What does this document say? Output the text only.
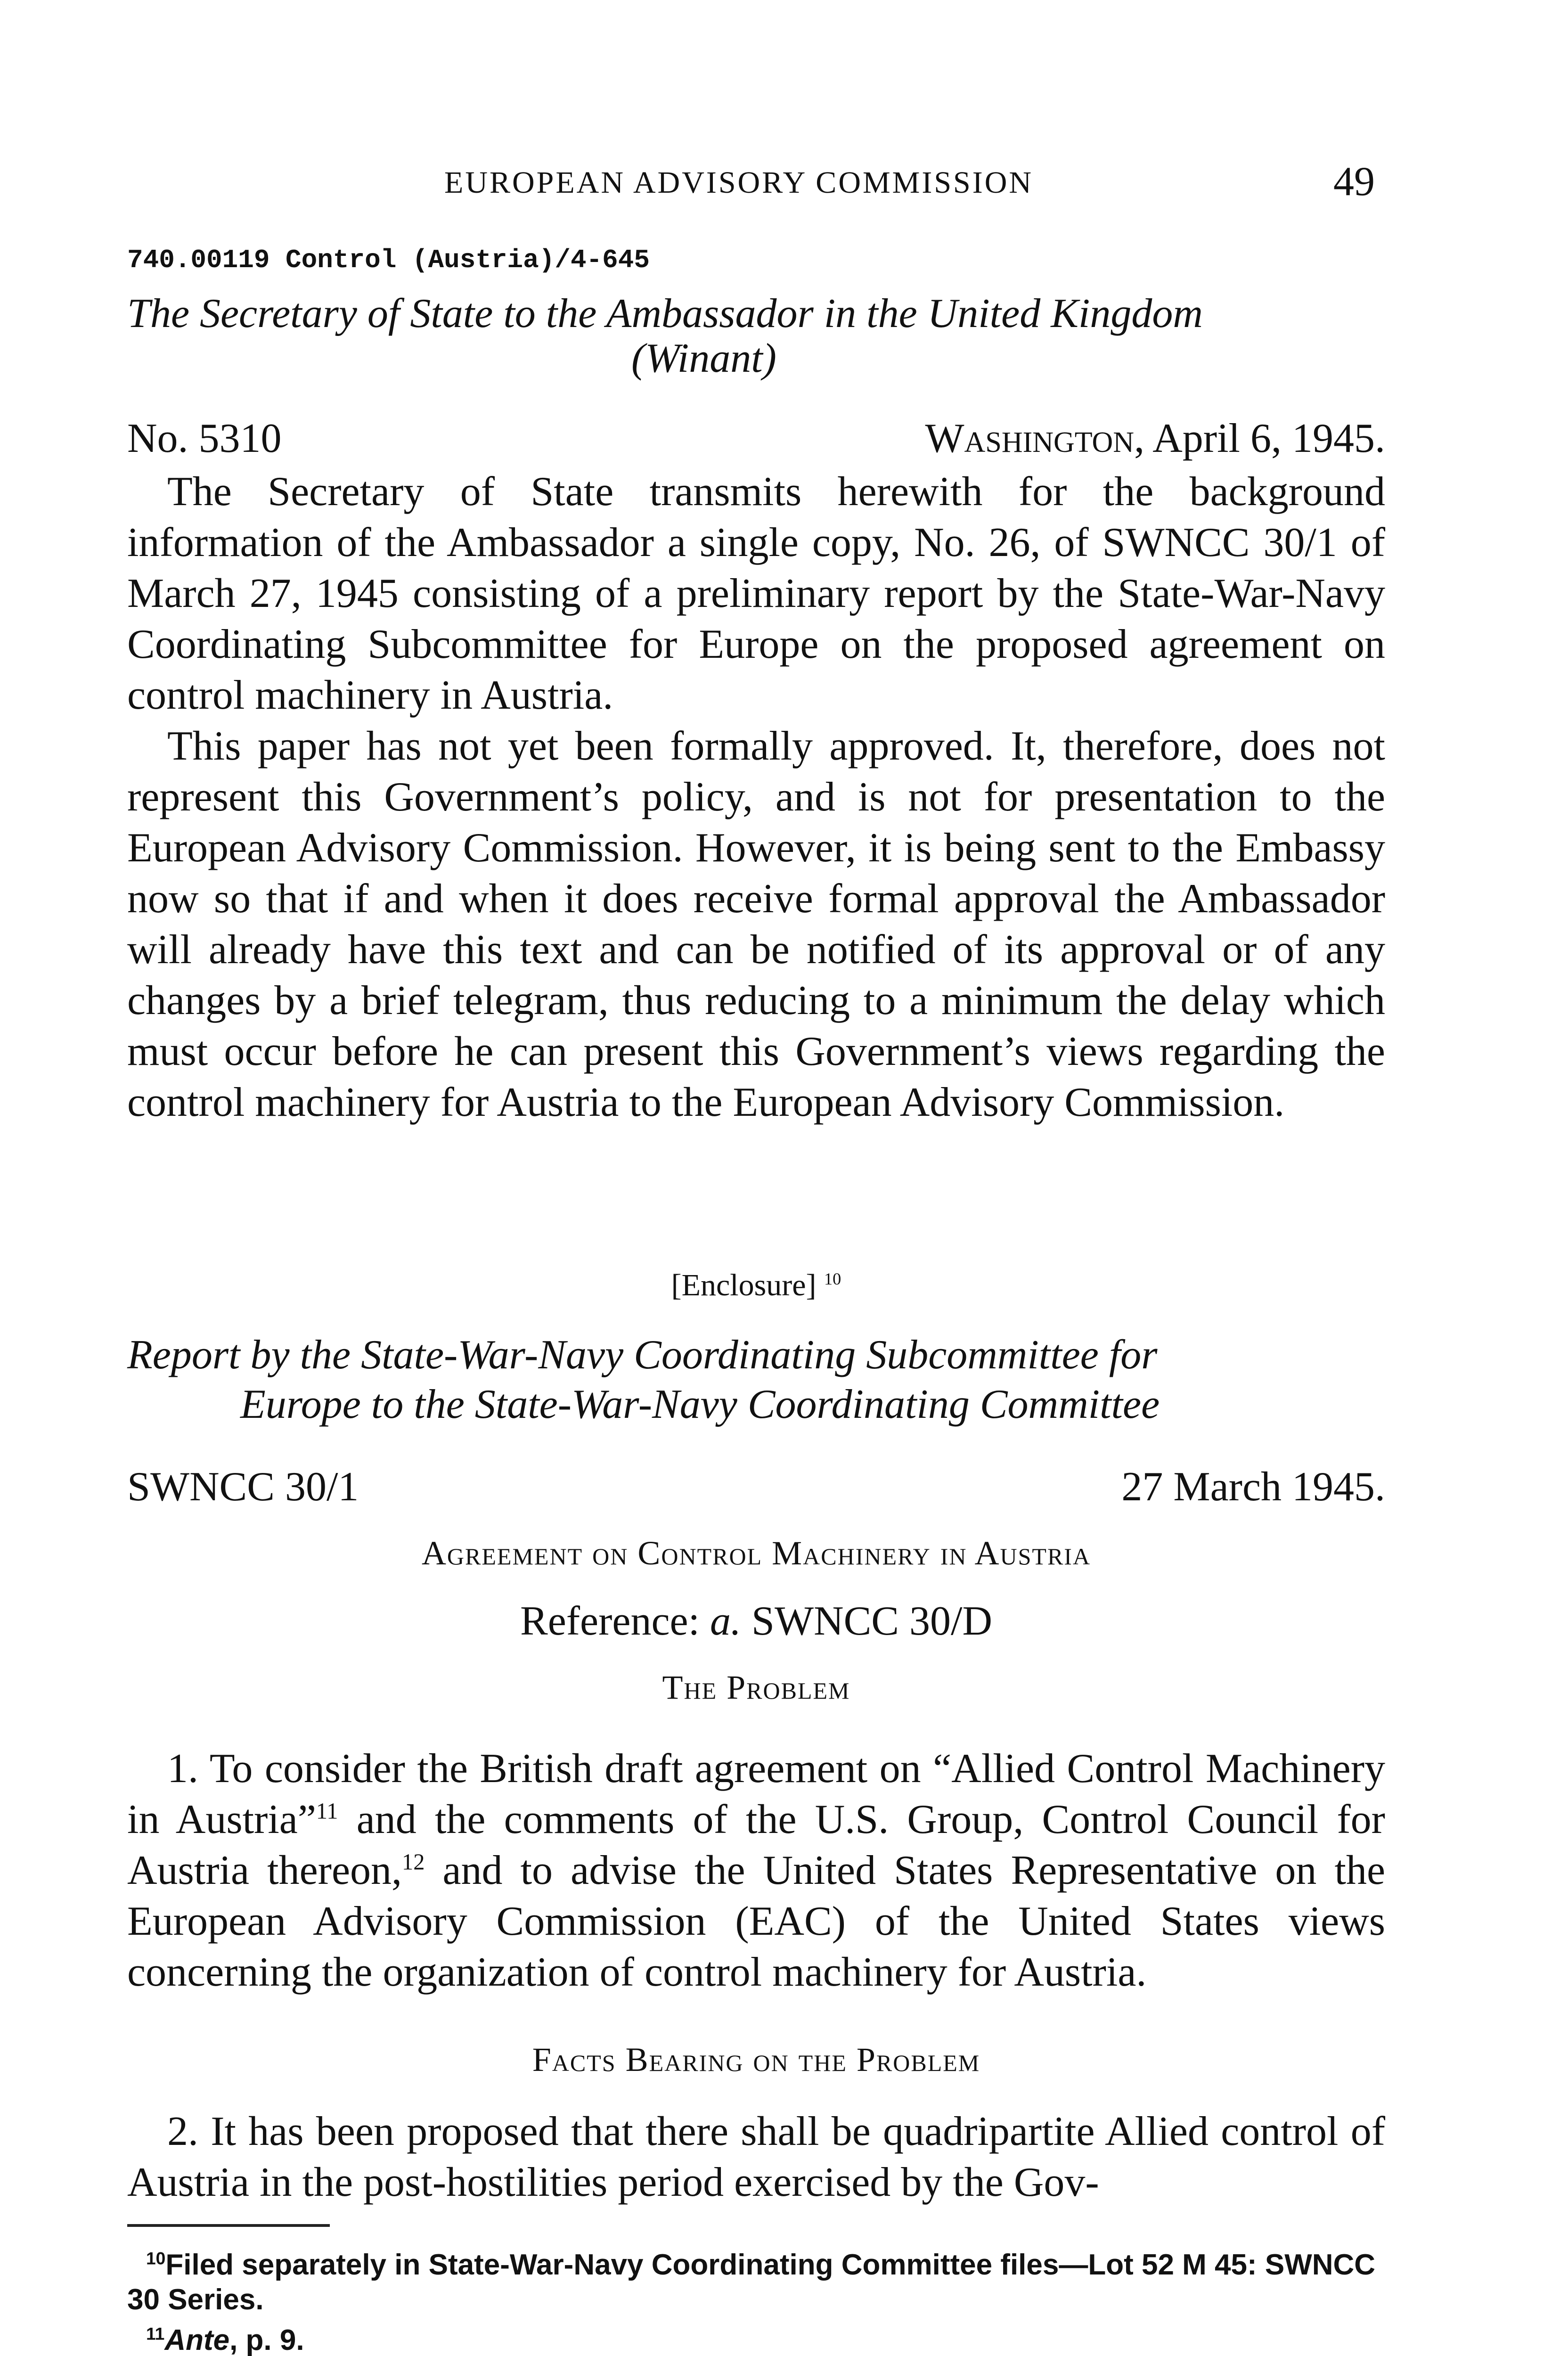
EUROPEAN ADVISORY COMMISSION	49
740.00119 Control (Austria)/4-645
The Secretary of State to the Ambassador in the United Kingdom
(Winant)
No. 5310	Washington, April 6, 1945.

The Secretary of State transmits herewith for the background information of the Ambassador a single copy, No. 26, of SWNCC 30/1 of March 27, 1945 consisting of a preliminary report by the State-War-Navy Coordinating Subcommittee for Europe on the proposed agreement on control machinery in Austria.

This paper has not yet been formally approved. It, therefore, does not represent this Government’s policy, and is not for presentation to the European Advisory Commission. However, it is being sent to the Embassy now so that if and when it does receive formal approval the Ambassador will already have this text and can be notified of its approval or of any changes by a brief telegram, thus reducing to a minimum the delay which must occur before he can present this Government’s views regarding the control machinery for Austria to the European Advisory Commission.

[Enclosure] $^{10}$
Report by the State-War-Navy Coordinating Subcommittee for
Europe to the State-War-Navy Coordinating Committee
SWNCC 30/1	27 March 1945.
Agreement on Control Machinery in Austria
Reference: a. SWNCC 30/D
The Problem

1. To consider the British draft agreement on “Allied Control Machinery in Austria”$^{11}$ and the comments of the U.S. Group, Control Council for Austria thereon,$^{12}$ and to advise the United States Representative on the European Advisory Commission (EAC) of the United States views concerning the organization of control machinery for Austria.

Facts Bearing on the Problem

2. It has been proposed that there shall be quadripartite Allied control of Austria in the post-hostilities period exercised by the Gov-

$^{10}$Filed separately in State-War-Navy Coordinating Committee files—Lot 52 M 45: SWNCC 30 Series.

$^{11}$Ante, p. 9.
